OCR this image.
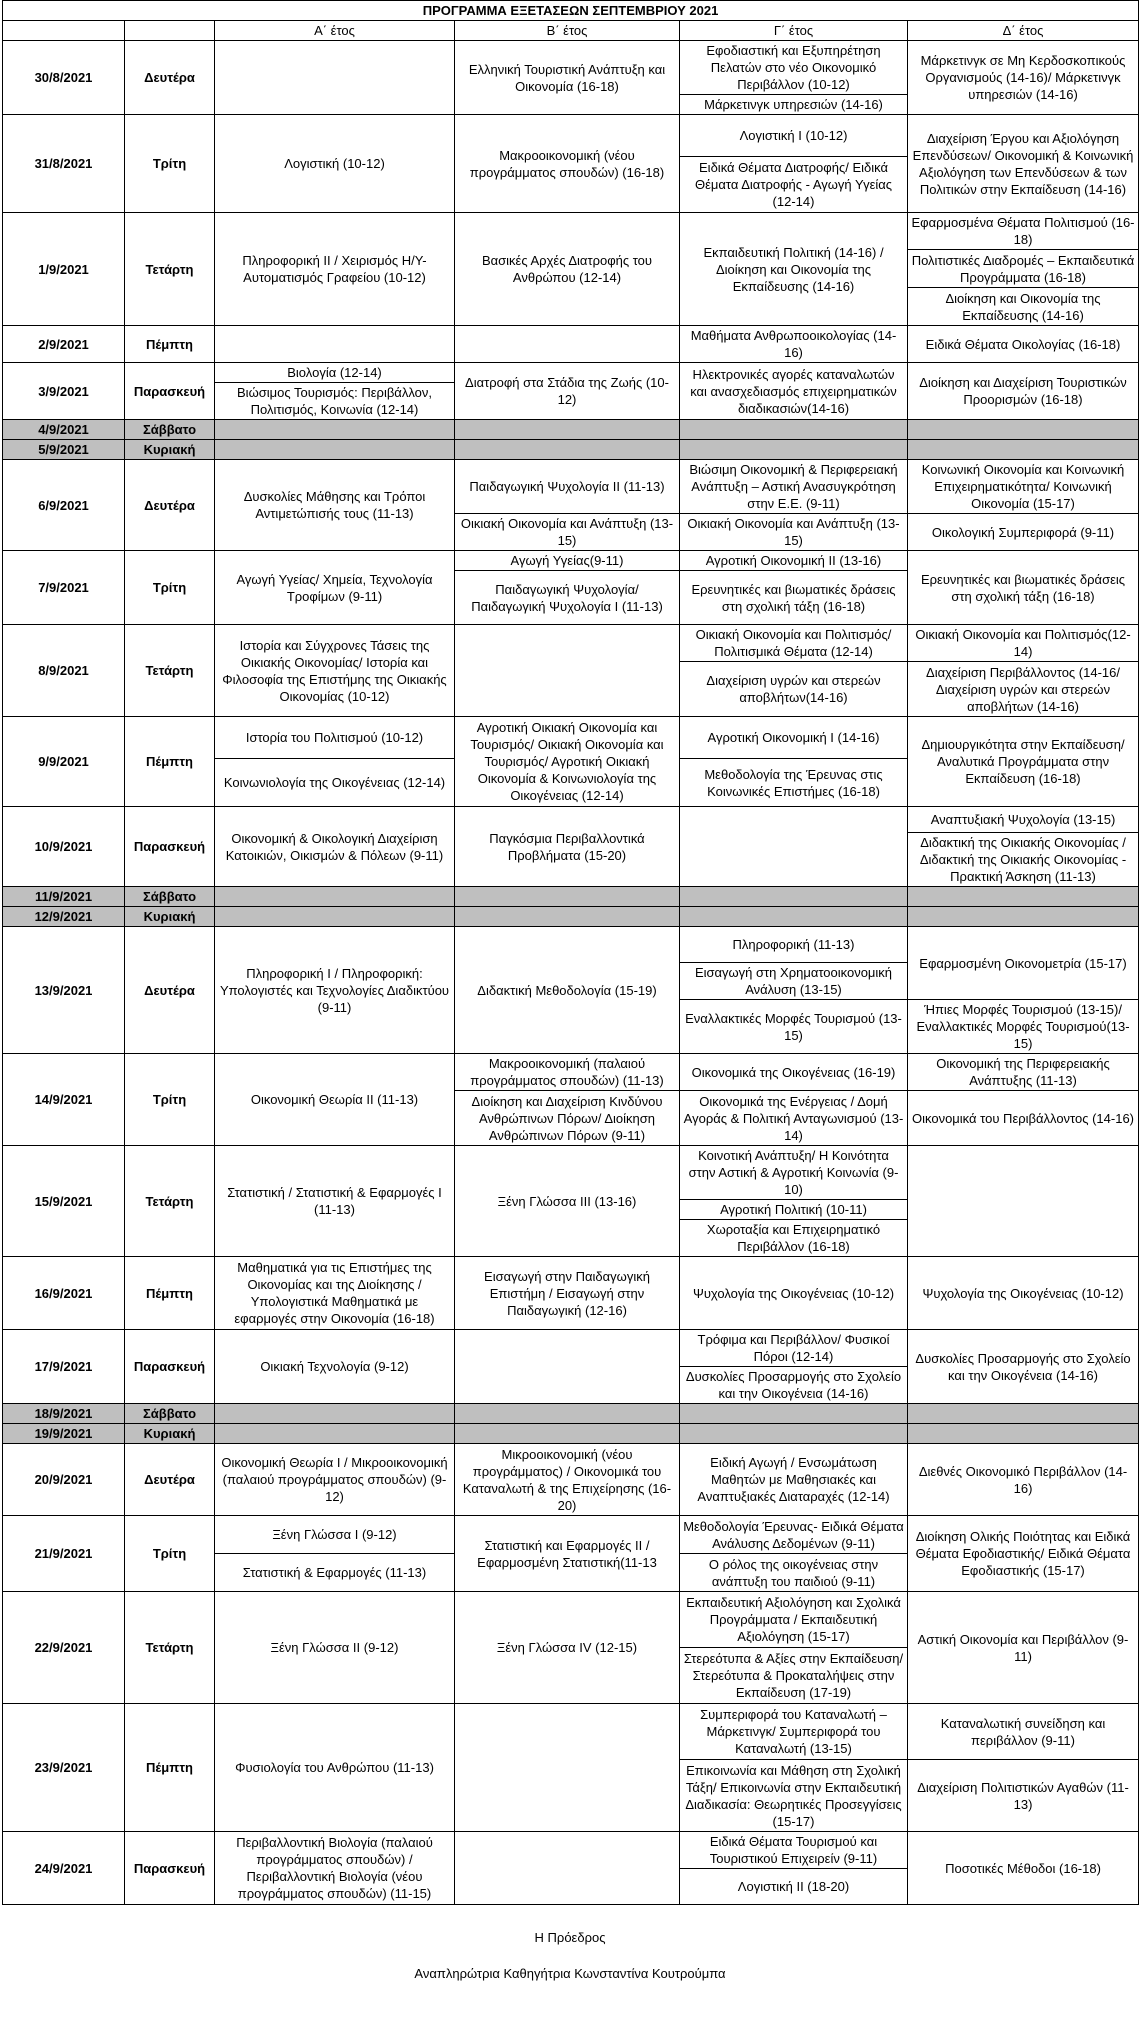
ΠΡΟΓΡΑΜΜΑ ΕΞΕΤΑΣΕΩΝ ΣΕΠΤΕΜΒΡΙΟΥ 2021					
		Α΄ έτος	Β΄ έτος	Γ΄ έτος	Δ΄ έτος
30/8/2021	Δευτέρα		Ελληνική Τουριστική Ανάπτυξη και Οικονομία (16-18)	Εφοδιαστική και Εξυπηρέτηση Πελατών στο νέο Οικονομικό Περιβάλλον (10-12)	Μάρκετινγκ σε Μη Κερδοσκοπικούς Οργανισμούς (14-16)/ Μάρκετινγκ υπηρεσιών (14-16)
				Μάρκετινγκ υπηρεσιών (14-16)	
31/8/2021	Τρίτη	Λογιστική (10-12)	Μακροοικονομική (νέου προγράμματος σπουδών) (16-18)	Λογιστική Ι (10-12)	Διαχείριση Έργου και Αξιολόγηση Επενδύσεων/ Οικονομική & Κοινωνική Αξιολόγηση των Επενδύσεων & των Πολιτικών στην Εκπαίδευση (14-16)
				Ειδικά Θέματα Διατροφής/ Ειδικά Θέματα Διατροφής - Αγωγή Υγείας (12-14)	
1/9/2021	Τετάρτη	Πληροφορική ΙΙ / Χειρισμός Η/Υ-Αυτοματισμός Γραφείου (10-12)	Βασικές Αρχές Διατροφής του Ανθρώπου (12-14)	Εκπαιδευτική Πολιτική (14-16) /Διοίκηση και Οικονομία της Εκπαίδευσης (14-16)	Εφαρμοσμένα Θέματα Πολιτισμού (16-18)
					Πολιτιστικές Διαδρομές – Εκπαιδευτικά Προγράμματα (16-18)
					Διοίκηση και Οικονομία της Εκπαίδευσης (14-16)
2/9/2021	Πέμπτη			Μαθήματα Ανθρωποοικολογίας (14-16)	Ειδικά Θέματα Οικολογίας (16-18)
3/9/2021	Παρασκευή	Βιολογία (12-14)	Διατροφή στα Στάδια της Ζωής (10-12)	Ηλεκτρονικές αγορές καταναλωτών και ανασχεδιασμός επιχειρηματικών διαδικασιών(14-16)	Διοίκηση και Διαχείριση Τουριστικών Προορισμών (16-18)
		Βιώσιμος Τουρισμός: Περιβάλλον, Πολιτισμός, Κοινωνία (12-14)			
4/9/2021	Σάββατο				
5/9/2021	Κυριακή				
6/9/2021	Δευτέρα	Δυσκολίες Μάθησης και Τρόποι Αντιμετώπισής τους (11-13)	Παιδαγωγική Ψυχολογία ΙΙ (11-13)	Βιώσιμη Οικονομική & Περιφερειακή Ανάπτυξη – Αστική Ανασυγκρότηση στην Ε.Ε. (9-11)	Κοινωνική Οικονομία και Κοινωνική Επιχειρηματικότητα/ Κοινωνική Οικονομία (15-17)
			Οικιακή Οικονομία και Ανάπτυξη (13-15)	Οικιακή Οικονομία και Ανάπτυξη (13-15)	Οικολογική Συμπεριφορά (9-11)
7/9/2021	Τρίτη	Αγωγή Υγείας/ Χημεία, Τεχνολογία Τροφίμων (9-11)	Αγωγή Υγείας(9-11)	Αγροτική Οικονομική ΙΙ (13-16)	Ερευνητικές και βιωματικές δράσεις στη σχολική τάξη (16-18)
			Παιδαγωγική Ψυχολογία/ Παιδαγωγική Ψυχολογία Ι (11-13)	Ερευνητικές και βιωματικές δράσεις στη σχολική τάξη (16-18)	
8/9/2021	Τετάρτη	Ιστορία και Σύγχρονες Τάσεις της Οικιακής Οικονομίας/ Ιστορία και Φιλοσοφία της Επιστήμης της Οικιακής Οικονομίας (10-12)		Οικιακή Οικονομία και Πολιτισμός/ Πολιτισμικά Θέματα (12-14)	Οικιακή Οικονομία και Πολιτισμός(12-14)
				Διαχείριση υγρών και στερεών αποβλήτων(14-16)	Διαχείριση Περιβάλλοντος (14-16/ Διαχείριση υγρών και στερεών αποβλήτων (14-16)
9/9/2021	Πέμπτη	Ιστορία του Πολιτισμού (10-12)	Αγροτική Οικιακή Οικονομία και Τουρισμός/ Οικιακή Οικονομία και Τουρισμός/ Αγροτική Οικιακή Οικονομία & Κοινωνιολογία της Οικογένειας (12-14)	Αγροτική Οικονομική Ι (14-16)	Δημιουργικότητα στην Εκπαίδευση/ Αναλυτικά Προγράμματα στην Εκπαίδευση (16-18)
		Κοινωνιολογία της Οικογένειας (12-14)		Μεθοδολογία της Έρευνας στις Κοινωνικές Επιστήμες (16-18)	
10/9/2021	Παρασκευή	Οικονομική & Οικολογική Διαχείριση Κατοικιών, Οικισμών & Πόλεων (9-11)	Παγκόσμια Περιβαλλοντικά Προβλήματα (15-20)		Αναπτυξιακή Ψυχολογία (13-15)
					Διδακτική της Οικιακής Οικονομίας / Διδακτική της Οικιακής Οικονομίας - Πρακτική Άσκηση (11-13)
11/9/2021	Σάββατο				
12/9/2021	Κυριακή				
13/9/2021	Δευτέρα	Πληροφορική Ι / Πληροφορική: Υπολογιστές και Τεχνολογίες Διαδικτύου (9-11)	Διδακτική Μεθοδολογία (15-19)	Πληροφορική (11-13)	Εφαρμοσμένη Οικονομετρία (15-17)
				Εισαγωγή στη Χρηματοοικονομική Ανάλυση (13-15)	
				Εναλλακτικές Μορφές Τουρισμού (13-15)	Ήπιες Μορφές Τουρισμού (13-15)/ Εναλλακτικές Μορφές Τουρισμού(13-15)
14/9/2021	Τρίτη	Οικονομική Θεωρία ΙΙ (11-13)	Μακροοικονομική (παλαιού προγράμματος σπουδών) (11-13)	Οικονομικά της Οικογένειας (16-19)	Οικονομική της Περιφερειακής Ανάπτυξης (11-13)
			Διοίκηση και Διαχείριση Κινδύνου Ανθρώπινων Πόρων/ Διοίκηση Ανθρώπινων Πόρων (9-11)	Οικονομικά της Ενέργειας / Δομή Αγοράς & Πολιτική Ανταγωνισμού (13-14)	Οικονομικά του Περιβάλλοντος (14-16)
15/9/2021	Τετάρτη	Στατιστική / Στατιστική & Εφαρμογές Ι (11-13)	Ξένη Γλώσσα ΙΙΙ (13-16)	Κοινοτική Ανάπτυξη/ Η Κοινότητα στην Αστική & Αγροτική Κοινωνία (9-10)	
				Αγροτική Πολιτική (10-11)	
				Χωροταξία και Επιχειρηματικό Περιβάλλον (16-18)	
16/9/2021	Πέμπτη	Μαθηματικά για τις Επιστήμες της Οικονομίας και της Διοίκησης / Υπολογιστικά Μαθηματικά με εφαρμογές στην Οικονομία (16-18)	Εισαγωγή στην Παιδαγωγική Επιστήμη / Εισαγωγή στην Παιδαγωγική (12-16)	Ψυχολογία της Οικογένειας (10-12)	Ψυχολογία της Οικογένειας (10-12)
17/9/2021	Παρασκευή	Οικιακή Τεχνολογία (9-12)		Τρόφιμα και Περιβάλλον/ Φυσικοί Πόροι (12-14)	Δυσκολίες Προσαρμογής στο Σχολείο και την Οικογένεια (14-16)
				Δυσκολίες Προσαρμογής στο Σχολείο και την Οικογένεια (14-16)	
18/9/2021	Σάββατο				
19/9/2021	Κυριακή				
20/9/2021	Δευτέρα	Οικονομική Θεωρία Ι / Μικροοικονομική (παλαιού προγράμματος σπουδών) (9-12)	Μικροοικονομική (νέου προγράμματος) / Οικονομικά του Καταναλωτή & της Επιχείρησης (16-20)	Ειδική Αγωγή / Ενσωμάτωση Μαθητών με Μαθησιακές και Αναπτυξιακές Διαταραχές (12-14)	Διεθνές Οικονομικό Περιβάλλον (14-16)
21/9/2021	Τρίτη	Ξένη Γλώσσα Ι (9-12)	Στατιστική και Εφαρμογές ΙΙ / Εφαρμοσμένη Στατιστική(11-13	Μεθοδολογία Έρευνας- Ειδικά Θέματα Ανάλυσης Δεδομένων (9-11)	Διοίκηση Ολικής Ποιότητας και Ειδικά Θέματα Εφοδιαστικής/ Ειδικά Θέματα Εφοδιαστικής (15-17)
		Στατιστική & Εφαρμογές (11-13)		Ο ρόλος της οικογένειας στην ανάπτυξη του παιδιού (9-11)	
22/9/2021	Τετάρτη	Ξένη Γλώσσα ΙΙ (9-12)	Ξένη Γλώσσα IV (12-15)	Εκπαιδευτική Αξιολόγηση και Σχολικά Προγράμματα / Εκπαιδευτική Αξιολόγηση (15-17)	Αστική Οικονομία και Περιβάλλον (9-11)
				Στερεότυπα & Αξίες στην Εκπαίδευση/ Στερεότυπα & Προκαταλήψεις στην Εκπαίδευση (17-19)	
23/9/2021	Πέμπτη	Φυσιολογία του Ανθρώπου (11-13)		Συμπεριφορά του Καταναλωτή – Μάρκετινγκ/ Συμπεριφορά του Καταναλωτή (13-15)	Καταναλωτική συνείδηση και περιβάλλον (9-11)
				Επικοινωνία και Μάθηση στη Σχολική Τάξη/ Επικοινωνία στην Εκπαιδευτική Διαδικασία: Θεωρητικές Προσεγγίσεις (15-17)	Διαχείριση Πολιτιστικών Αγαθών (11-13)
24/9/2021	Παρασκευή	Περιβαλλοντική Βιολογία (παλαιού προγράμματος σπουδών) /Περιβαλλοντική Βιολογία (νέου προγράμματος σπουδών) (11-15)		Ειδικά Θέματα Τουρισμού και Τουριστικού Επιχειρείν (9-11)	Ποσοτικές Μέθοδοι (16-18)
				Λογιστική ΙΙ (18-20)	
Η Πρόεδρος
Αναπληρώτρια Καθηγήτρια Κωνσταντίνα Κουτρούμπα
